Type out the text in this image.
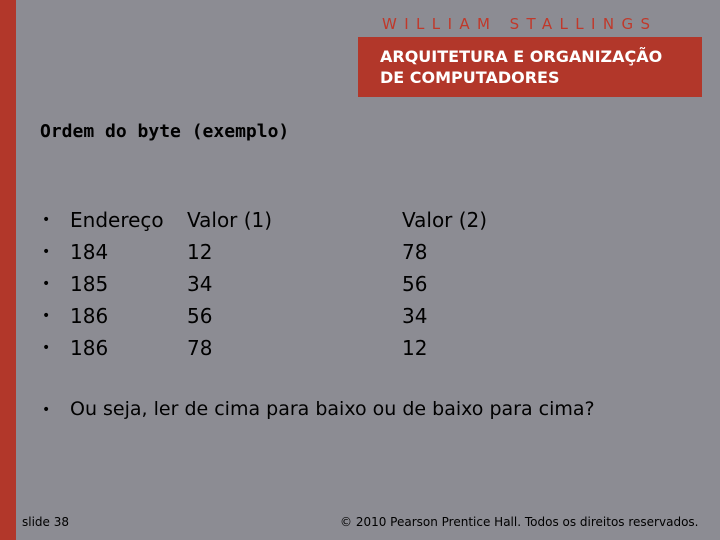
WILLIAM STALLINGS
ARQUITETURA E ORGANIZAÇÃO
DE COMPUTADORES
Ordem do byte (exemplo)
• Endereço Valor (1)	Valor (2)
• 184	12	78
• 185	34	56
• 186	56	34
• 186	78	12
• Ou seja, ler de cima para baixo ou de baixo para cima?
slide 38	© 2010 Pearson Prentice Hall. Todos os direitos reservados.
